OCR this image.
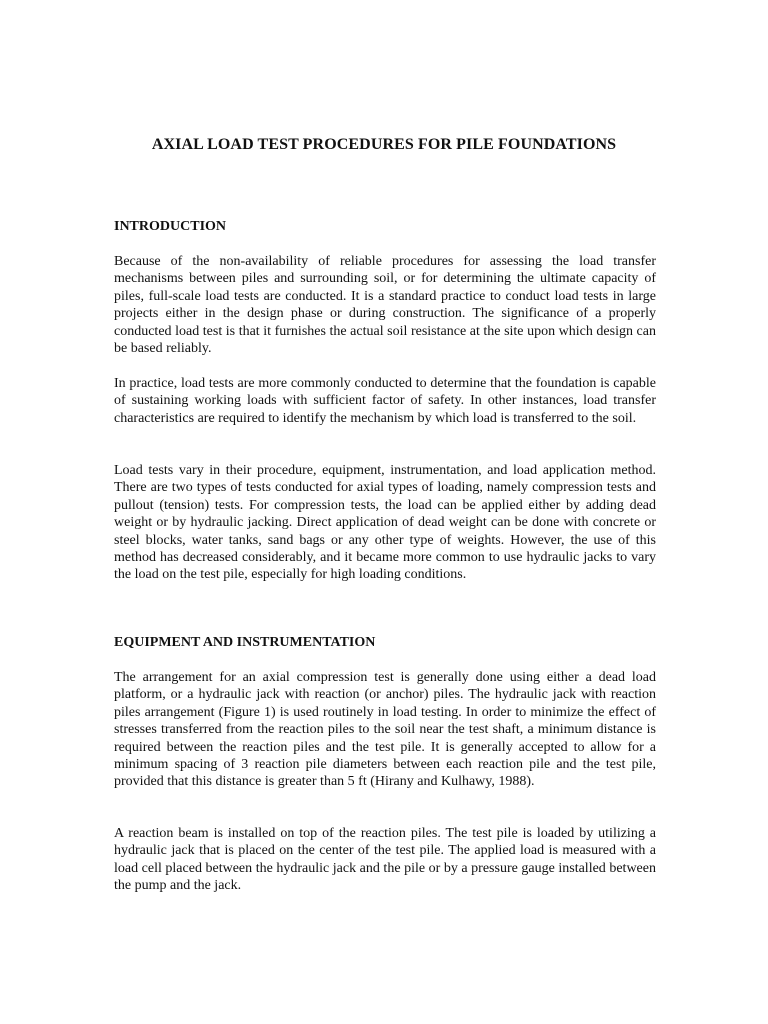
AXIAL LOAD TEST PROCEDURES FOR PILE FOUNDATIONS
INTRODUCTION

Because of the non-availability of reliable procedures for assessing the load transfer mechanisms between piles and surrounding soil, or for determining the ultimate capacity of piles, full-scale load tests are conducted. It is a standard practice to conduct load tests in large projects either in the design phase or during construction. The significance of a properly conducted load test is that it furnishes the actual soil resistance at the site upon which design can be based reliably.

In practice, load tests are more commonly conducted to determine that the foundation is capable of sustaining working loads with sufficient factor of safety. In other instances, load transfer characteristics are required to identify the mechanism by which load is transferred to the soil.

Load tests vary in their procedure, equipment, instrumentation, and load application method. There are two types of tests conducted for axial types of loading, namely compression tests and pullout (tension) tests. For compression tests, the load can be applied either by adding dead weight or by hydraulic jacking. Direct application of dead weight can be done with concrete or steel blocks, water tanks, sand bags or any other type of weights. However, the use of this method has decreased considerably, and it became more common to use hydraulic jacks to vary the load on the test pile, especially for high loading conditions.

EQUIPMENT AND INSTRUMENTATION

The arrangement for an axial compression test is generally done using either a dead load platform, or a hydraulic jack with reaction (or anchor) piles. The hydraulic jack with reaction piles arrangement (Figure 1) is used routinely in load testing. In order to minimize the effect of stresses transferred from the reaction piles to the soil near the test shaft, a minimum distance is required between the reaction piles and the test pile. It is generally accepted to allow for a minimum spacing of 3 reaction pile diameters between each reaction pile and the test pile, provided that this distance is greater than 5 ft (Hirany and Kulhawy, 1988).

A reaction beam is installed on top of the reaction piles. The test pile is loaded by utilizing a hydraulic jack that is placed on the center of the test pile. The applied load is measured with a load cell placed between the hydraulic jack and the pile or by a pressure gauge installed between the pump and the jack.
